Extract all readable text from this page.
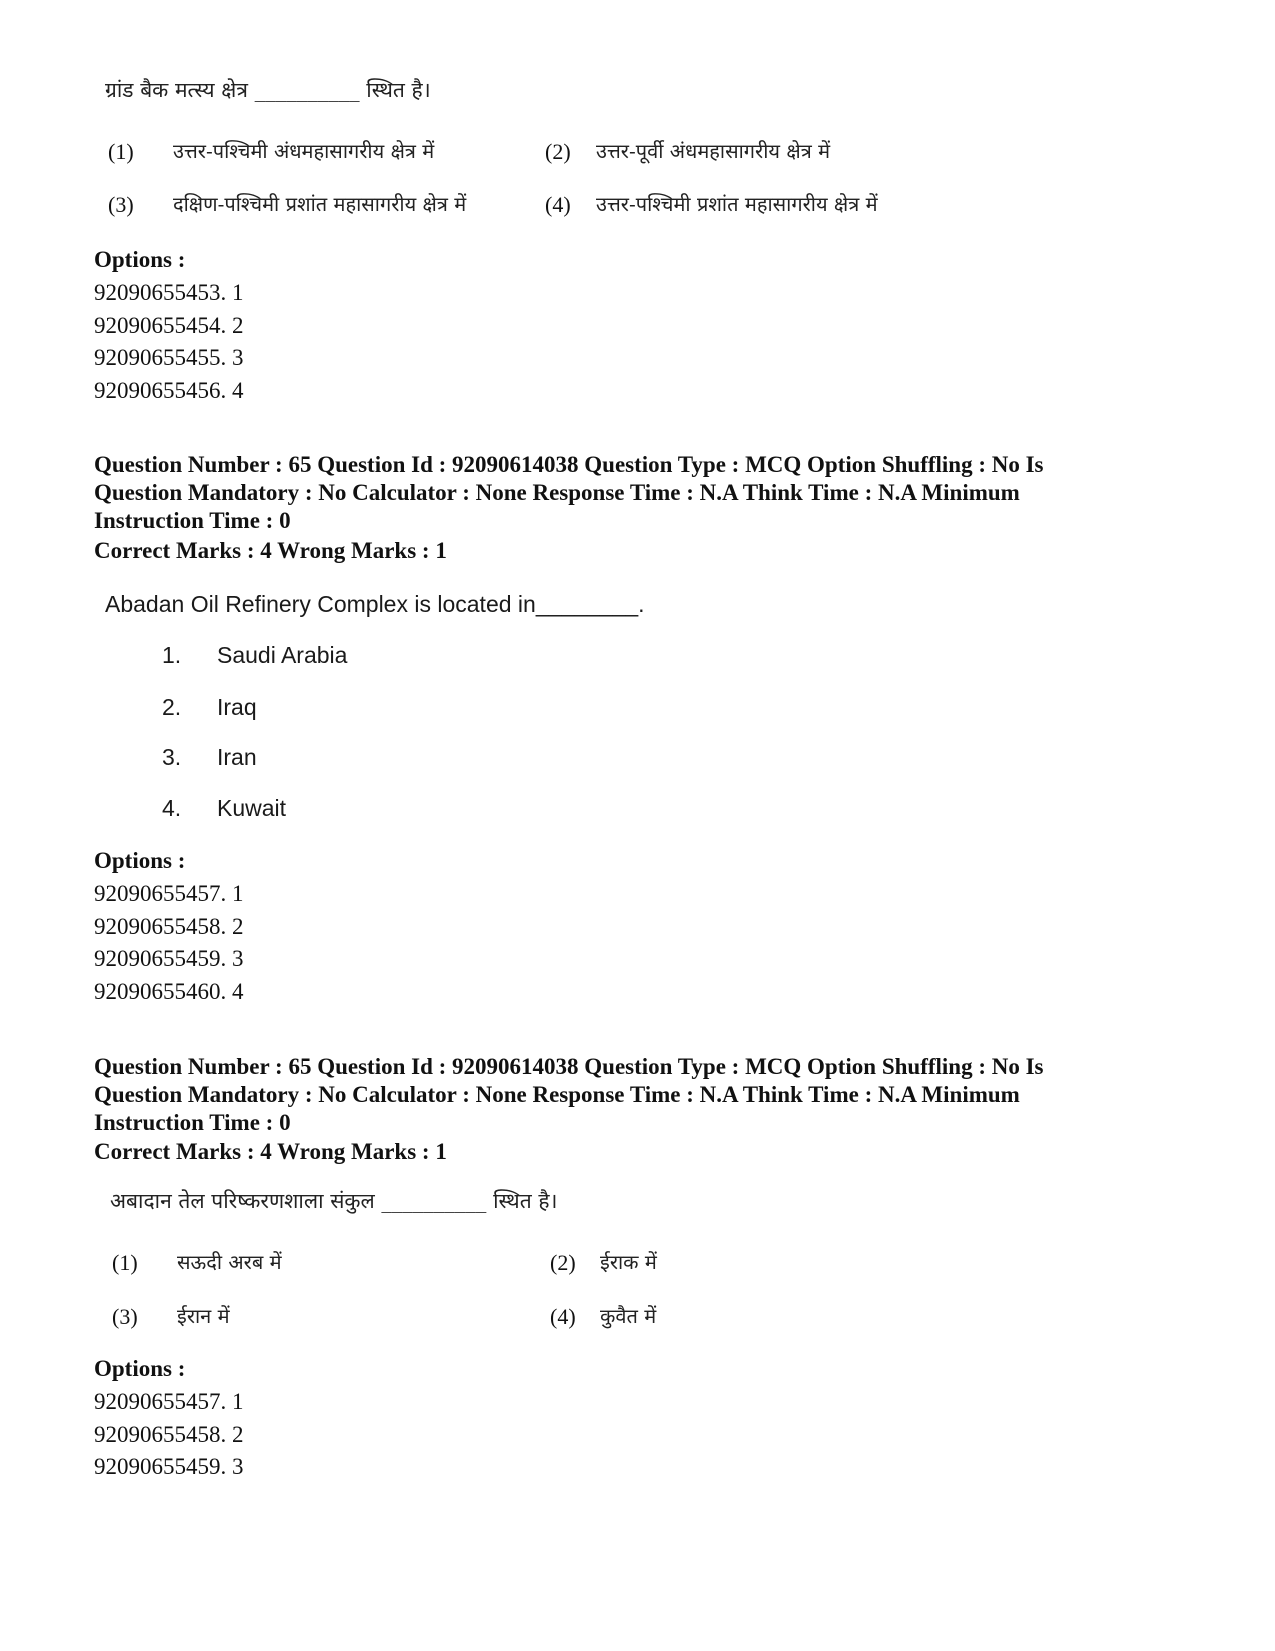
ग्रांड बैक मत्स्य क्षेत्र __________ स्थित है।
(1) उत्तर-पश्चिमी अंधमहासागरीय क्षेत्र में	(2) उत्तर-पूर्वी अंधमहासागरीय क्षेत्र में
(3) दक्षिण-पश्चिमी प्रशांत महासागरीय क्षेत्र में	(4) उत्तर-पश्चिमी प्रशांत महासागरीय क्षेत्र में
Options :
92090655453. 1
92090655454. 2
92090655455. 3
92090655456. 4
Question Number : 65 Question Id : 92090614038 Question Type : MCQ Option Shuffling : No Is
Question Mandatory : No Calculator : None Response Time : N.A Think Time : N.A Minimum
Instruction Time : 0
Correct Marks : 4 Wrong Marks : 1
Abadan Oil Refinery Complex is located in________.
1. Saudi Arabia
2. Iraq
3. Iran
4. Kuwait
Options :
92090655457. 1
92090655458. 2
92090655459. 3
92090655460. 4
Question Number : 65 Question Id : 92090614038 Question Type : MCQ Option Shuffling : No Is
Question Mandatory : No Calculator : None Response Time : N.A Think Time : N.A Minimum
Instruction Time : 0
Correct Marks : 4 Wrong Marks : 1
अबादान तेल परिष्करणशाला संकुल __________ स्थित है।
(1) सऊदी अरब में	(2) ईराक में
(3) ईरान में	(4) कुवैत में
Options :
92090655457. 1
92090655458. 2
92090655459. 3
